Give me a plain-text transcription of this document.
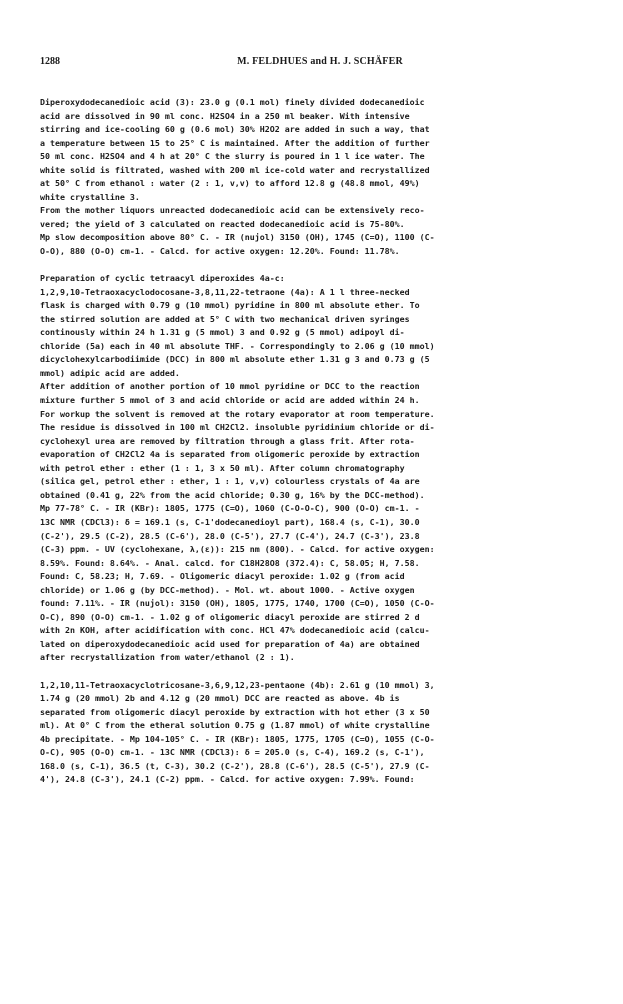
1288	M. FELDHUES and H. J. SCHÄFER
Diperoxydodecanedioic acid (3): 23.0 g (0.1 mol) finely divided dodecanedioic
acid are dissolved in 90 ml conc. H2SO4 in a 250 ml beaker. With intensive
stirring and ice-cooling 60 g (0.6 mol) 30% H2O2 are added in such a way, that
a temperature between 15 to 25° C is maintained. After the addition of further
50 ml conc. H2SO4 and 4 h at 20° C the slurry is poured in 1 l ice water. The
white solid is filtrated, washed with 200 ml ice-cold water and recrystallized
at 50° C from ethanol : water (2 : 1, v,v) to afford 12.8 g (48.8 mmol, 49%)
white crystalline 3.
From the mother liquors unreacted dodecanedioic acid can be extensively reco-
vered; the yield of 3 calculated on reacted dodecanedioic acid is 75-80%.
Mp slow decomposition above 80° C. - IR (nujol) 3150 (OH), 1745 (C=O), 1100 (C-
O-O), 880 (O-O) cm-1. - Calcd. for active oxygen: 12.20%. Found: 11.78%.
Preparation of cyclic tetraacyl diperoxides 4a-c:
1,2,9,10-Tetraoxacyclodocosane-3,8,11,22-tetraone (4a): A 1 l three-necked
flask is charged with 0.79 g (10 mmol) pyridine in 800 ml absolute ether. To
the stirred solution are added at 5° C with two mechanical driven syringes
continously within 24 h 1.31 g (5 mmol) 3 and 0.92 g (5 mmol) adipoyl di-
chloride (5a) each in 40 ml absolute THF. - Correspondingly to 2.06 g (10 mmol)
dicyclohexylcarbodiimide (DCC) in 800 ml absolute ether 1.31 g 3 and 0.73 g (5
mmol) adipic acid are added.
After addition of another portion of 10 mmol pyridine or DCC to the reaction
mixture further 5 mmol of 3 and acid chloride or acid are added within 24 h.
For workup the solvent is removed at the rotary evaporator at room temperature.
The residue is dissolved in 100 ml CH2Cl2. insoluble pyridinium chloride or di-
cyclohexyl urea are removed by filtration through a glass frit. After rota-
evaporation of CH2Cl2 4a is separated from oligomeric peroxide by extraction
with petrol ether : ether (1 : 1, 3 x 50 ml). After column chromatography
(silica gel, petrol ether : ether, 1 : 1, v,v) colourless crystals of 4a are
obtained (0.41 g, 22% from the acid chloride; 0.30 g, 16% by the DCC-method).
Mp 77-78° C. - IR (KBr): 1805, 1775 (C=O), 1060 (C-O-O-C), 900 (O-O) cm-1. -
13C NMR (CDCl3): δ = 169.1 (s, C-1'dodecanedioyl part), 168.4 (s, C-1), 30.0
(C-2'), 29.5 (C-2), 28.5 (C-6'), 28.0 (C-5'), 27.7 (C-4'), 24.7 (C-3'), 23.8
(C-3) ppm. - UV (cyclohexane, λ,(ε)): 215 nm (800). - Calcd. for active oxygen:
8.59%. Found: 8.64%. - Anal. calcd. for C18H28O8 (372.4): C, 58.05; H, 7.58.
Found: C, 58.23; H, 7.69. - Oligomeric diacyl peroxide: 1.02 g (from acid
chloride) or 1.06 g (by DCC-method). - Mol. wt. about 1000. - Active oxygen
found: 7.11%. - IR (nujol): 3150 (OH), 1805, 1775, 1740, 1700 (C=O), 1050 (C-O-
O-C), 890 (O-O) cm-1. - 1.02 g of oligomeric diacyl peroxide are stirred 2 d
with 2n KOH, after acidification with conc. HCl 47% dodecanedioic acid (calcu-
lated on diperoxydodecanedioic acid used for preparation of 4a) are obtained
after recrystallization from water/ethanol (2 : 1).
1,2,10,11-Tetraoxacyclotricosane-3,6,9,12,23-pentaone (4b): 2.61 g (10 mmol) 3,
1.74 g (20 mmol) 2b and 4.12 g (20 mmol) DCC are reacted as above. 4b is
separated from oligomeric diacyl peroxide by extraction with hot ether (3 x 50
ml). At 0° C from the etheral solution 0.75 g (1.87 mmol) of white crystalline
4b precipitate. - Mp 104-105° C. - IR (KBr): 1805, 1775, 1705 (C=O), 1055 (C-O-
O-C), 905 (O-O) cm-1. - 13C NMR (CDCl3): δ = 205.0 (s, C-4), 169.2 (s, C-1'),
168.0 (s, C-1), 36.5 (t, C-3), 30.2 (C-2'), 28.8 (C-6'), 28.5 (C-5'), 27.9 (C-
4'), 24.8 (C-3'), 24.1 (C-2) ppm. - Calcd. for active oxygen: 7.99%. Found:
